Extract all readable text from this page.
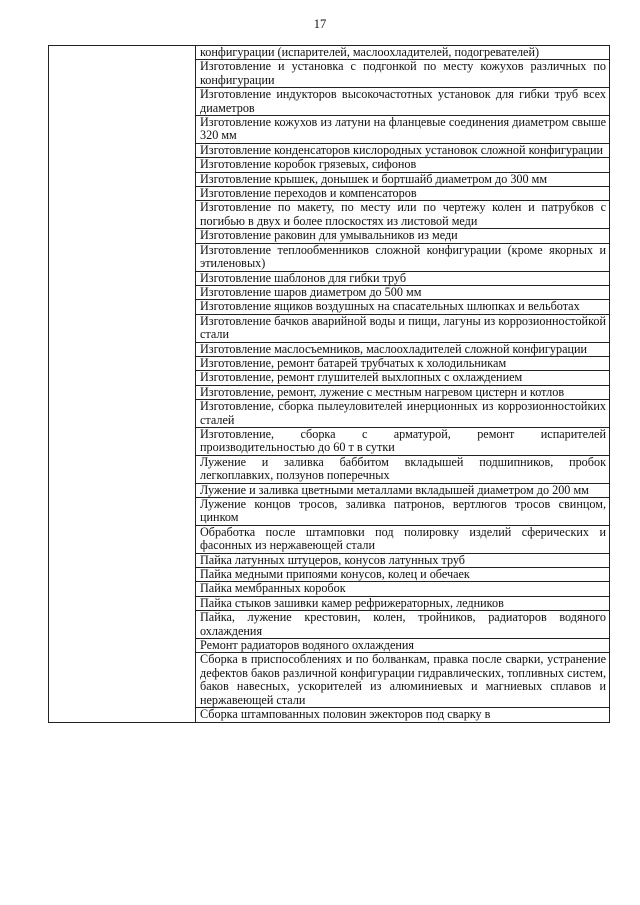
17
	конфигурации (испарителей, маслоохладителей, подогревателей)
Изготовление и установка с подгонкой по месту кожухов различных по конфигурации
Изготовление индукторов высокочастотных установок для гибки труб всех диаметров
Изготовление кожухов из латуни на фланцевые соединения диаметром свыше 320 мм
Изготовление конденсаторов кислородных установок сложной конфигурации
Изготовление коробок грязевых, сифонов
Изготовление крышек, донышек и бортшайб диаметром до 300 мм
Изготовление переходов и компенсаторов
Изготовление по макету, по месту или по чертежу колен и патрубков с погибью в двух и более плоскостях из листовой меди
Изготовление раковин для умывальников из меди
Изготовление теплообменников сложной конфигурации (кроме якорных и этиленовых)
Изготовление шаблонов для гибки труб
Изготовление шаров диаметром до 500 мм
Изготовление ящиков воздушных на спасательных шлюпках и вельботах
Изготовление бачков аварийной воды и пищи, лагуны из коррозионностойкой стали
Изготовление маслосъемников, маслоохладителей сложной конфигурации
Изготовление, ремонт батарей трубчатых к холодильникам
Изготовление, ремонт глушителей выхлопных с охлаждением
Изготовление, ремонт, лужение с местным нагревом цистерн и котлов
Изготовление, сборка пылеуловителей инерционных из коррозионностойких сталей
Изготовление, сборка с арматурой, ремонт испарителей производительностью до 60 т в сутки
Лужение и заливка баббитом вкладышей подшипников, пробок легкоплавких, ползунов поперечных
Лужение и заливка цветными металлами вкладышей диаметром до 200 мм
Лужение концов тросов, заливка патронов, вертлюгов тросов свинцом, цинком
Обработка после штамповки под полировку изделий сферических и фасонных из нержавеющей стали
Пайка латунных штуцеров, конусов латунных труб
Пайка медными припоями конусов, колец и обечаек
Пайка мембранных коробок
Пайка стыков зашивки камер рефрижераторных, ледников
Пайка, лужение крестовин, колен, тройников, радиаторов водяного охлаждения
Ремонт радиаторов водяного охлаждения
Сборка в приспособлениях и по болванкам, правка после сварки, устранение дефектов баков различной конфигурации гидравлических, топливных систем, баков навесных, ускорителей из алюминиевых и магниевых сплавов и нержавеющей стали
Сборка штампованных половин эжекторов под сварку в
